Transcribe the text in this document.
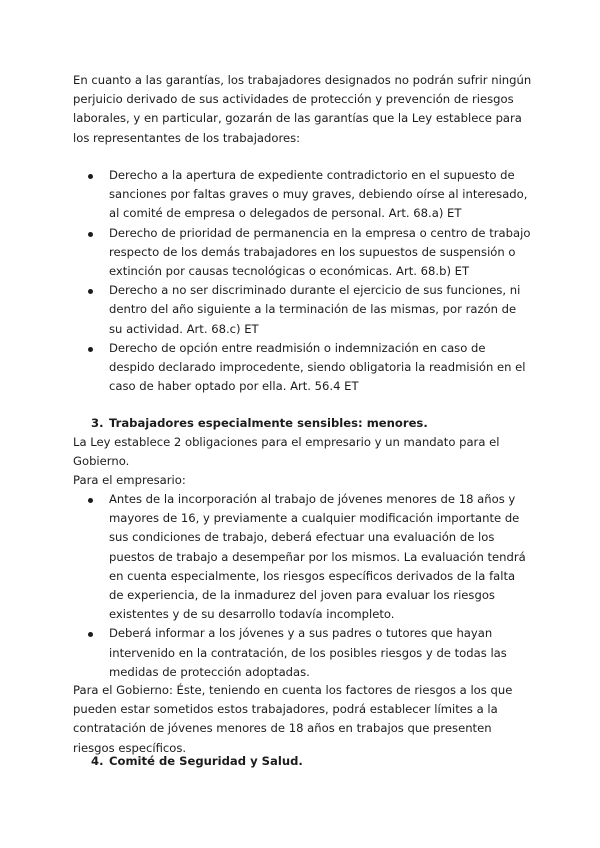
En cuanto a las garantías, los trabajadores designados no podrán sufrir ningún perjuicio derivado de sus actividades de protección y prevención de riesgos laborales, y en particular, gozarán de las garantías que la Ley establece para los representantes de los trabajadores:

Derecho a la apertura de expediente contradictorio en el supuesto de sanciones por faltas graves o muy graves, debiendo oírse al interesado, al comité de empresa o delegados de personal. Art. 68.a) ET
Derecho de prioridad de permanencia en la empresa o centro de trabajo respecto de los demás trabajadores en los supuestos de suspensión o extinción por causas tecnológicas o económicas. Art. 68.b) ET
Derecho a no ser discriminado durante el ejercicio de sus funciones, ni dentro del año siguiente a la terminación de las mismas, por razón de su actividad. Art. 68.c) ET
Derecho de opción entre readmisión o indemnización en caso de despido declarado improcedente, siendo obligatoria la readmisión en el caso de haber optado por ella. Art. 56.4 ET
3. Trabajadores especialmente sensibles: menores.

La Ley establece 2 obligaciones para el empresario y un mandato para el Gobierno.

Para el empresario:

Antes de la incorporación al trabajo de jóvenes menores de 18 años y mayores de 16, y previamente a cualquier modificación importante de sus condiciones de trabajo, deberá efectuar una evaluación de los puestos de trabajo a desempeñar por los mismos. La evaluación tendrá en cuenta especialmente, los riesgos específicos derivados de la falta de experiencia, de la inmadurez del joven para evaluar los riesgos existentes y de su desarrollo todavía incompleto.
Deberá informar a los jóvenes y a sus padres o tutores que hayan intervenido en la contratación, de los posibles riesgos y de todas las medidas de protección adoptadas.

Para el Gobierno: Éste, teniendo en cuenta los factores de riesgos a los que pueden estar sometidos estos trabajadores, podrá establecer límites a la contratación de jóvenes menores de 18 años en trabajos que presenten riesgos específicos.

4. Comité de Seguridad y Salud.
